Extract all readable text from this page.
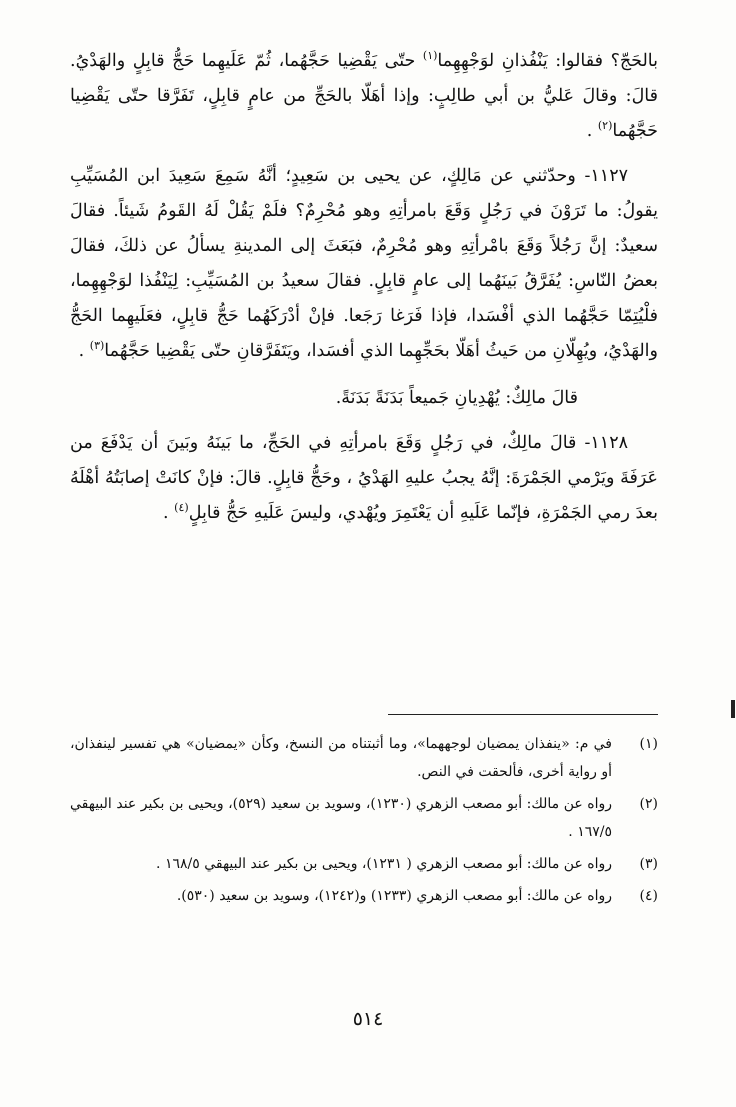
بالحَجّ؟ فقالوا: يَنْفُذانِ لوَجْهِهِما$^{(١)}$ حتّى يَقْضِيا حَجَّهُما، ثُمّ عَلَيهِما حَجُّ قابِلٍ والهَدْيُ. قالَ: وقالَ عَليُّ بن أبي طالِبٍ: وإذا أهَلّا بالحَجِّ من عامٍ قابِلٍ، تَفَرَّقا حتّى يَقْضِيا حَجَّهُما$^{(٢)}$ .

١١٢٧- وحدّثني عن مَالِكٍ، عن يحيى بن سَعِيدٍ؛ أنَّهُ سَمِعَ سَعِيدَ ابن المُسَيِّبِ يقولُ: ما تَرَوْنَ في رَجُلٍ وَقَعَ بامرأتِهِ وهو مُحْرِمٌ؟ فلَمْ يَقُلْ لَهُ القَومُ شَيئاً. فقالَ سعيدٌ: إنَّ رَجُلاً وَقَعَ بامْرأتِهِ وهو مُحْرِمٌ، فبَعَثَ إلى المدينةِ يسألُ عن ذلكَ، فقالَ بعضُ النّاسِ: يُفَرَّقُ بَينَهُما إلى عامٍ قابِلٍ. فقالَ سعيدُ بن المُسَيِّبِ: لِيَنْفُذا لوَجْهِهِما، فلْيُتِمّا حَجَّهُما الذي أفْسَدا، فإذا فَرَغا رَجَعا. فإنْ أدْرَكَهُما حَجُّ قابِلٍ، فعَلَيهِما الحَجُّ والهَدْيُ، ويُهِلّانِ من حَيثُ أهَلّا بحَجِّهِما الذي أفسَدا، ويَتَفَرَّقانِ حتّى يَقْضِيا حَجَّهُما$^{(٣)}$ .

قالَ مالِكٌ: يُهْدِيانِ جَميعاً بَدَنَةً بَدَنَةً.

١١٢٨- قالَ مالِكٌ، في رَجُلٍ وَقَعَ بامرأتِهِ في الحَجِّ، ما بَينَهُ وبَينَ أن يَدْفَعَ من عَرَفَةَ ويَرْمي الجَمْرَةَ: إنَّهُ يجبُ عليهِ الهَدْيُ ، وحَجُّ قابِلٍ. قالَ: فإنْ كانَتْ إصابَتُهُ أهْلَهُ بعدَ رمي الجَمْرَةِ، فإنّما عَلَيهِ أن يَعْتَمِرَ ويُهْدي، وليسَ عَلَيهِ حَجُّ قابِلٍ$^{(٤)}$ .

(١)
في م: «ينفذان يمضيان لوجههما»، وما أثبتناه من النسخ، وكأن «يمضيان» هي تفسير لينفذان، أو رواية أخرى، فألحقت في النص.
(٢)
رواه عن مالك: أبو مصعب الزهري (١٢٣٠)، وسويد بن سعيد (٥٢٩)، ويحيى بن بكير عند البيهقي ١٦٧/٥ .
(٣)
رواه عن مالك: أبو مصعب الزهري ( ١٢٣١)، ويحيى بن بكير عند البيهقي ١٦٨/٥ .
(٤)
رواه عن مالك: أبو مصعب الزهري (١٢٣٣) و(١٢٤٢)، وسويد بن سعيد (٥٣٠).
٥١٤
